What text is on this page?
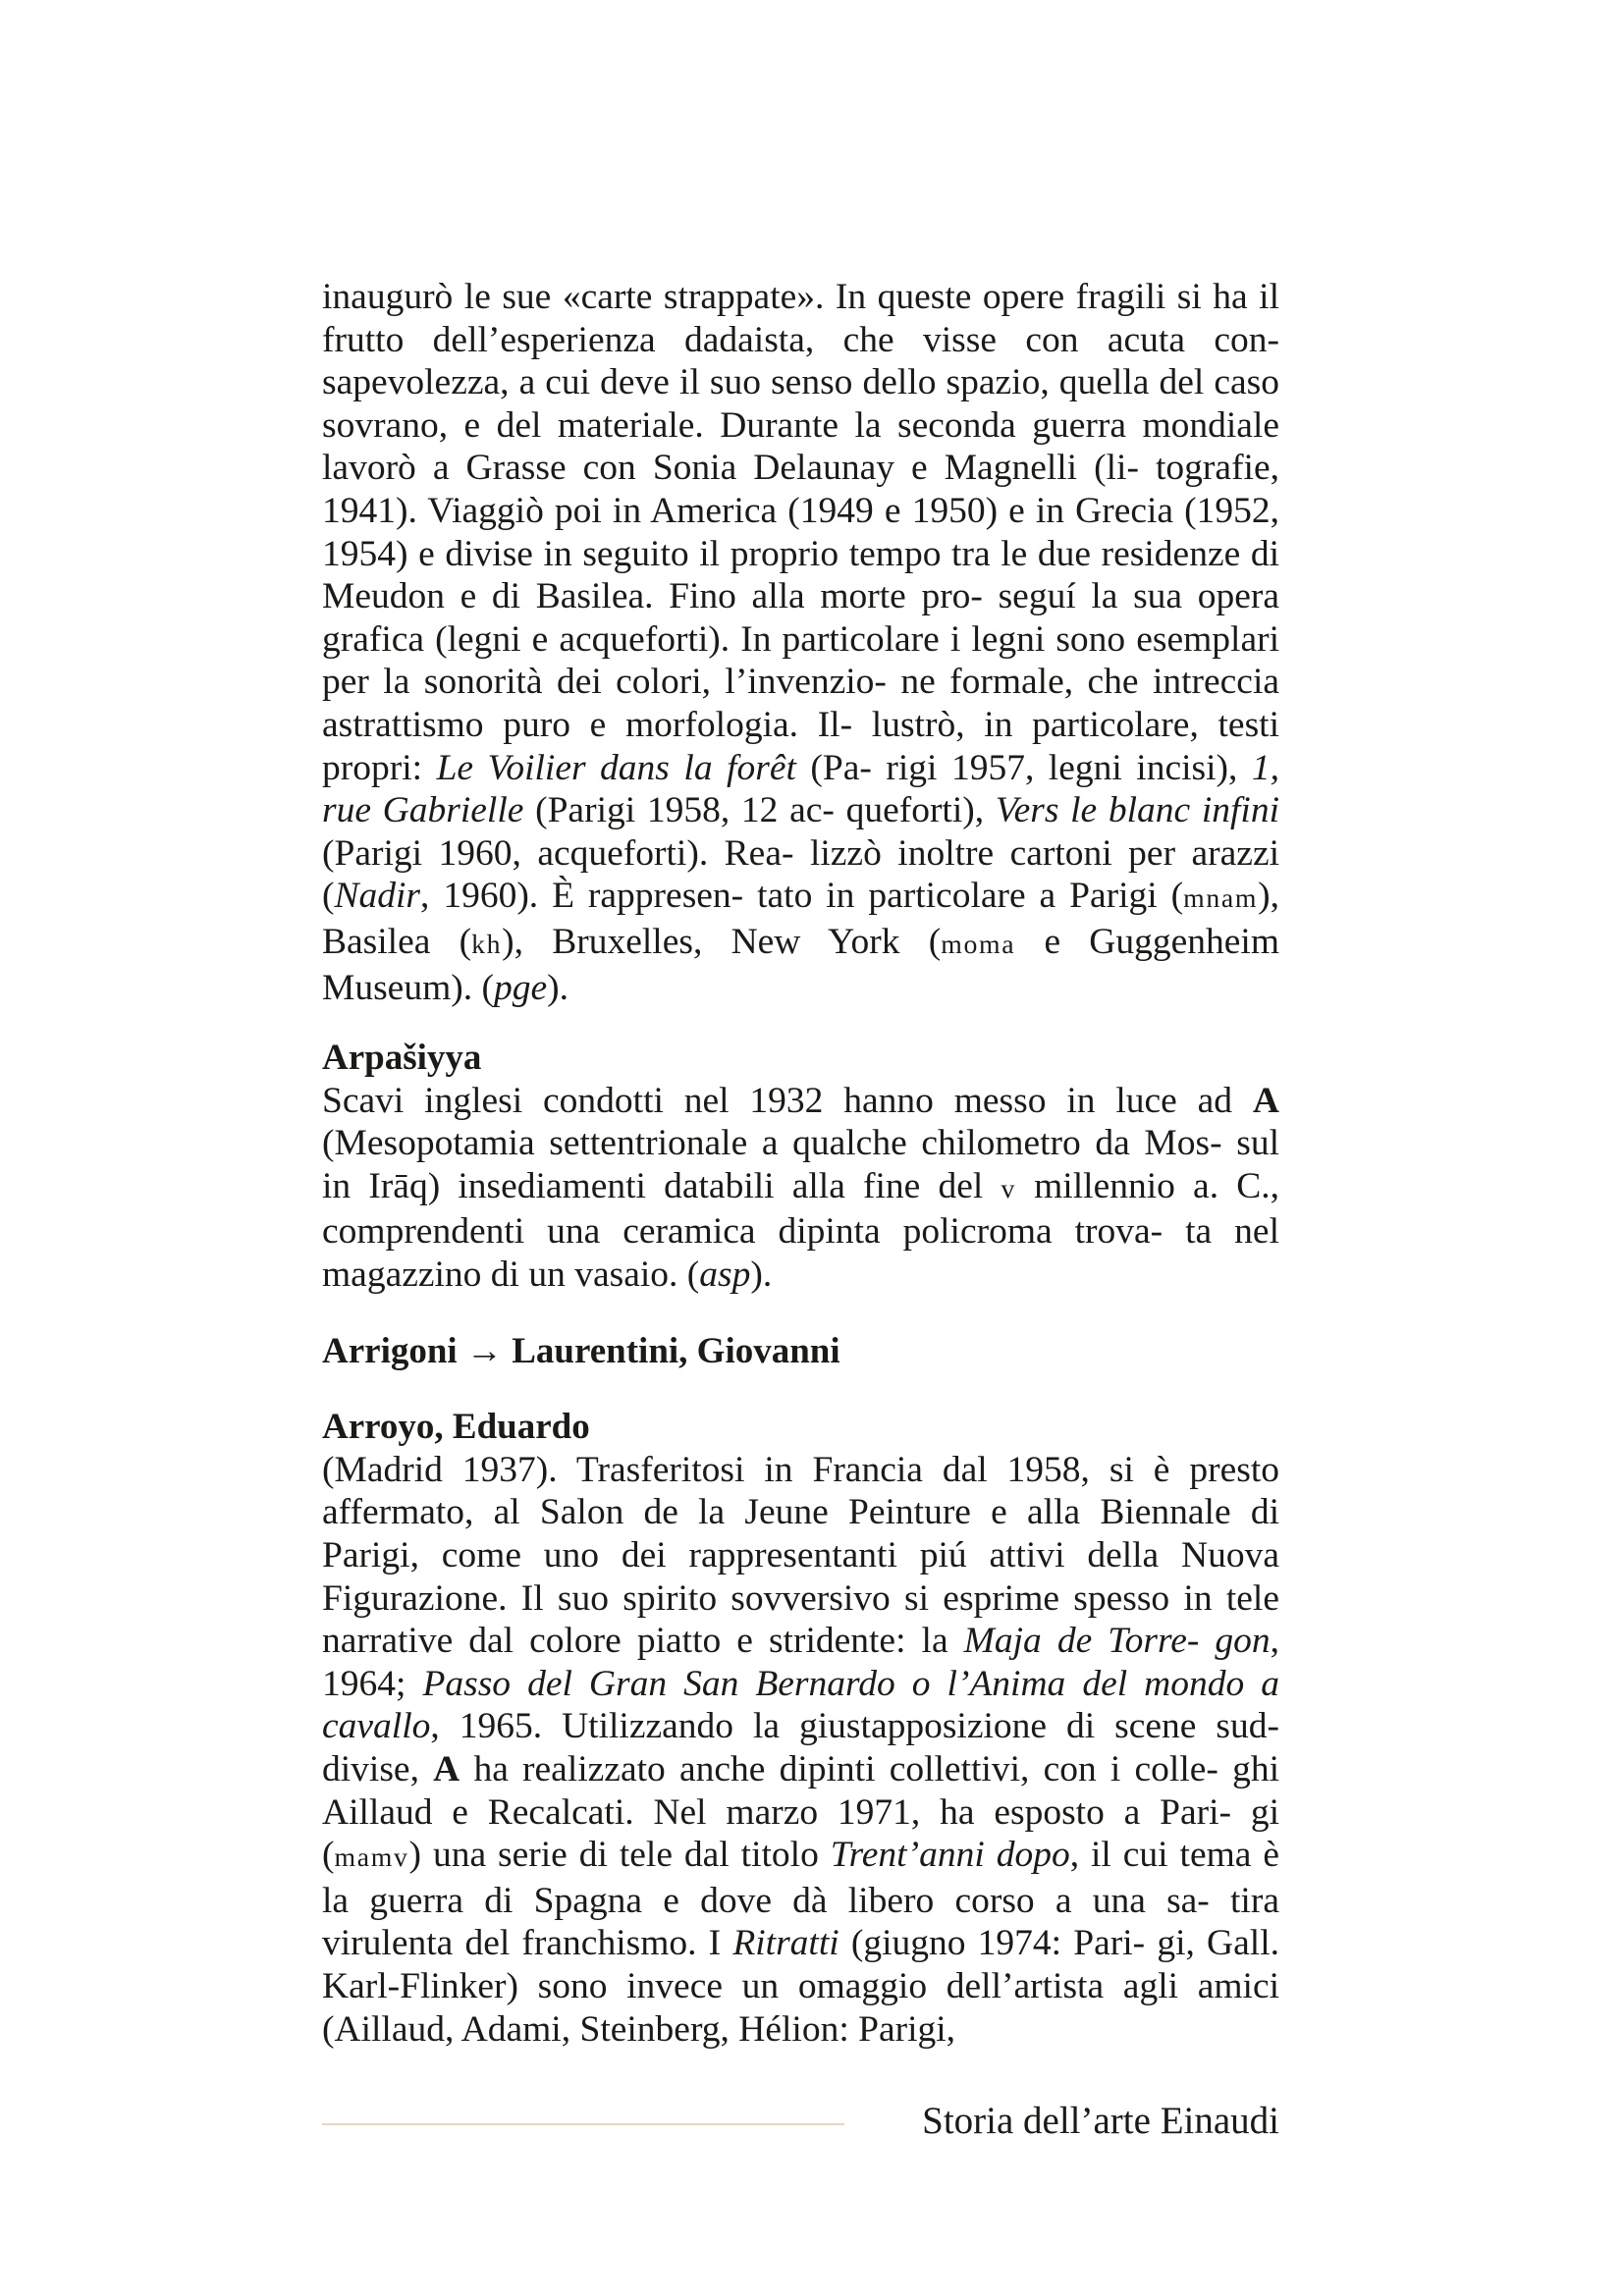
inaugurò le sue «carte strappate». In queste opere fragili si ha il frutto dell’esperienza dadaista, che visse con acuta con- sapevolezza, a cui deve il suo senso dello spazio, quella del caso sovrano, e del materiale. Durante la seconda guerra mondiale lavorò a Grasse con Sonia Delaunay e Magnelli (li- tografie, 1941). Viaggiò poi in America (1949 e 1950) e in Grecia (1952, 1954) e divise in seguito il proprio tempo tra le due residenze di Meudon e di Basilea. Fino alla morte pro- seguí la sua opera grafica (legni e acqueforti). In particolare i legni sono esemplari per la sonorità dei colori, l’invenzio- ne formale, che intreccia astrattismo puro e morfologia. Il- lustrò, in particolare, testi propri: Le Voilier dans la forêt (Pa- rigi 1957, legni incisi), 1, rue Gabrielle (Parigi 1958, 12 ac- queforti), Vers le blanc infini (Parigi 1960, acqueforti). Rea- lizzò inoltre cartoni per arazzi (Nadir, 1960). È rappresen- tato in particolare a Parigi (mnam), Basilea (kh), Bruxelles, New York (moma e Guggenheim Museum). (pge).

Arpašiyya

Scavi inglesi condotti nel 1932 hanno messo in luce ad A (Mesopotamia settentrionale a qualche chilometro da Mos- sul in Irāq) insediamenti databili alla fine del v millennio a. C., comprendenti una ceramica dipinta policroma trova- ta nel magazzino di un vasaio. (asp).

Arrigoni → Laurentini, Giovanni
Arroyo, Eduardo

(Madrid 1937). Trasferitosi in Francia dal 1958, si è presto affermato, al Salon de la Jeune Peinture e alla Biennale di Parigi, come uno dei rappresentanti piú attivi della Nuova Figurazione. Il suo spirito sovversivo si esprime spesso in tele narrative dal colore piatto e stridente: la Maja de Torre- gon, 1964; Passo del Gran San Bernardo o l’Anima del mondo a cavallo, 1965. Utilizzando la giustapposizione di scene sud- divise, A ha realizzato anche dipinti collettivi, con i colle- ghi Aillaud e Recalcati. Nel marzo 1971, ha esposto a Pari- gi (mamv) una serie di tele dal titolo Trent’anni dopo, il cui tema è la guerra di Spagna e dove dà libero corso a una sa- tira virulenta del franchismo. I Ritratti (giugno 1974: Pari- gi, Gall. Karl-Flinker) sono invece un omaggio dell’artista agli amici (Aillaud, Adami, Steinberg, Hélion: Parigi,

Storia dell’arte Einaudi
